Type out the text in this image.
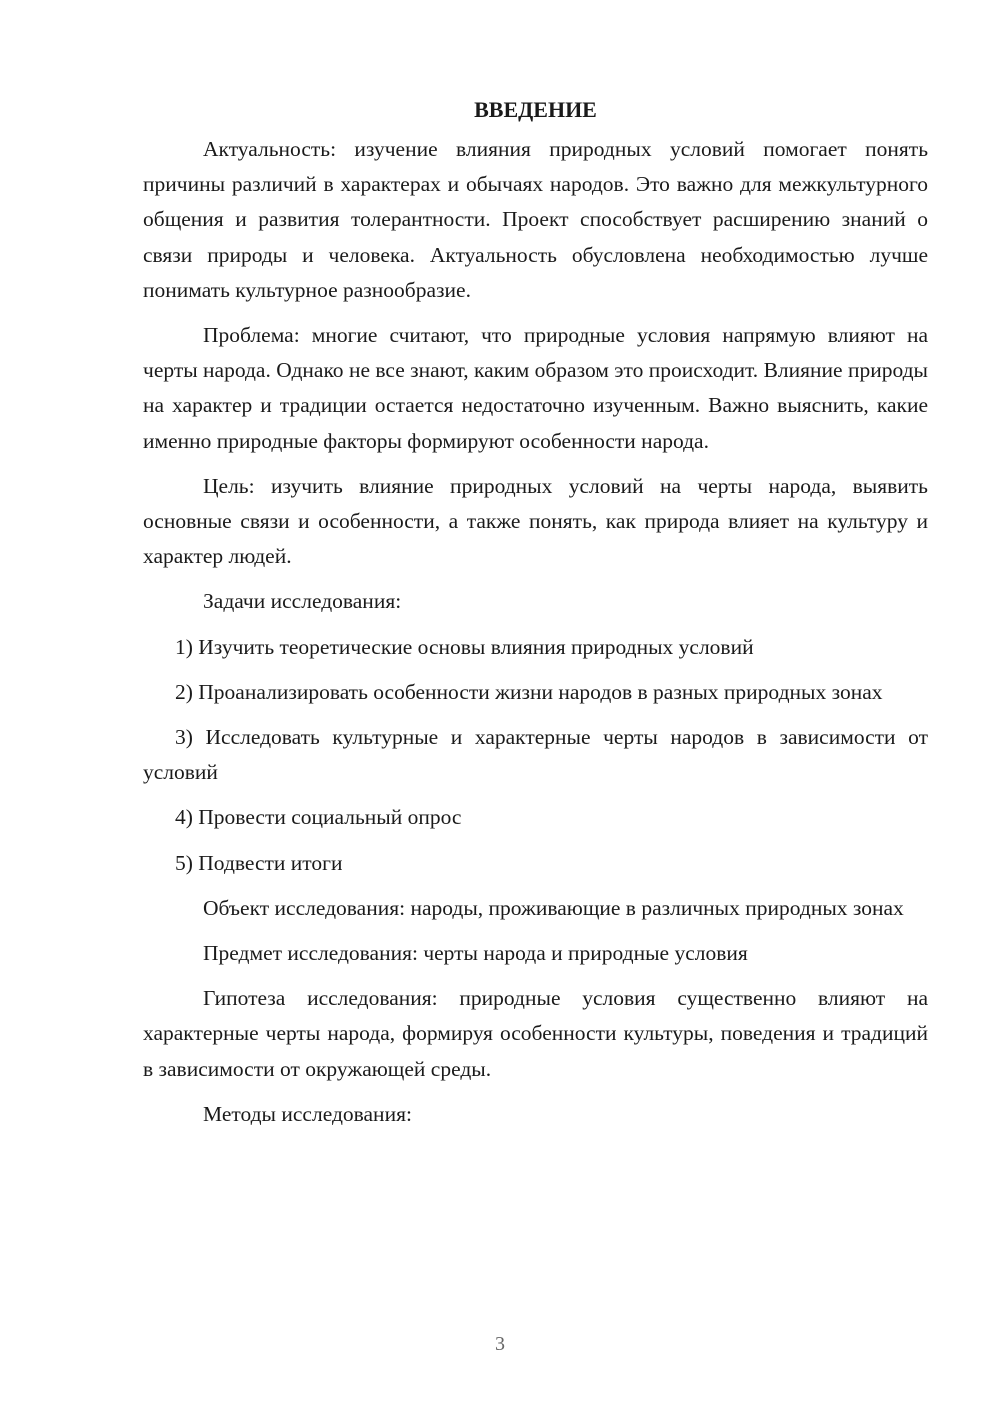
ВВЕДЕНИЕ

Актуальность: изучение влияния природных условий помогает понять причины различий в характерах и обычаях народов. Это важно для межкультурного общения и развития толерантности. Проект способствует расширению знаний о связи природы и человека. Актуальность обусловлена необходимостью лучше понимать культурное разнообразие.

Проблема: многие считают, что природные условия напрямую влияют на черты народа. Однако не все знают, каким образом это происходит. Влияние природы на характер и традиции остается недостаточно изученным. Важно выяснить, какие именно природные факторы формируют особенности народа.

Цель: изучить влияние природных условий на черты народа, выявить основные связи и особенности, а также понять, как природа влияет на культуру и характер людей.

Задачи исследования:

1) Изучить теоретические основы влияния природных условий

2) Проанализировать особенности жизни народов в разных природных зонах

3) Исследовать культурные и характерные черты народов в зависимости от условий

4) Провести социальный опрос

5) Подвести итоги

Объект исследования: народы, проживающие в различных природных зонах

Предмет исследования: черты народа и природные условия

Гипотеза исследования: природные условия существенно влияют на характерные черты народа, формируя особенности культуры, поведения и традиций в зависимости от окружающей среды.

Методы исследования:

3
